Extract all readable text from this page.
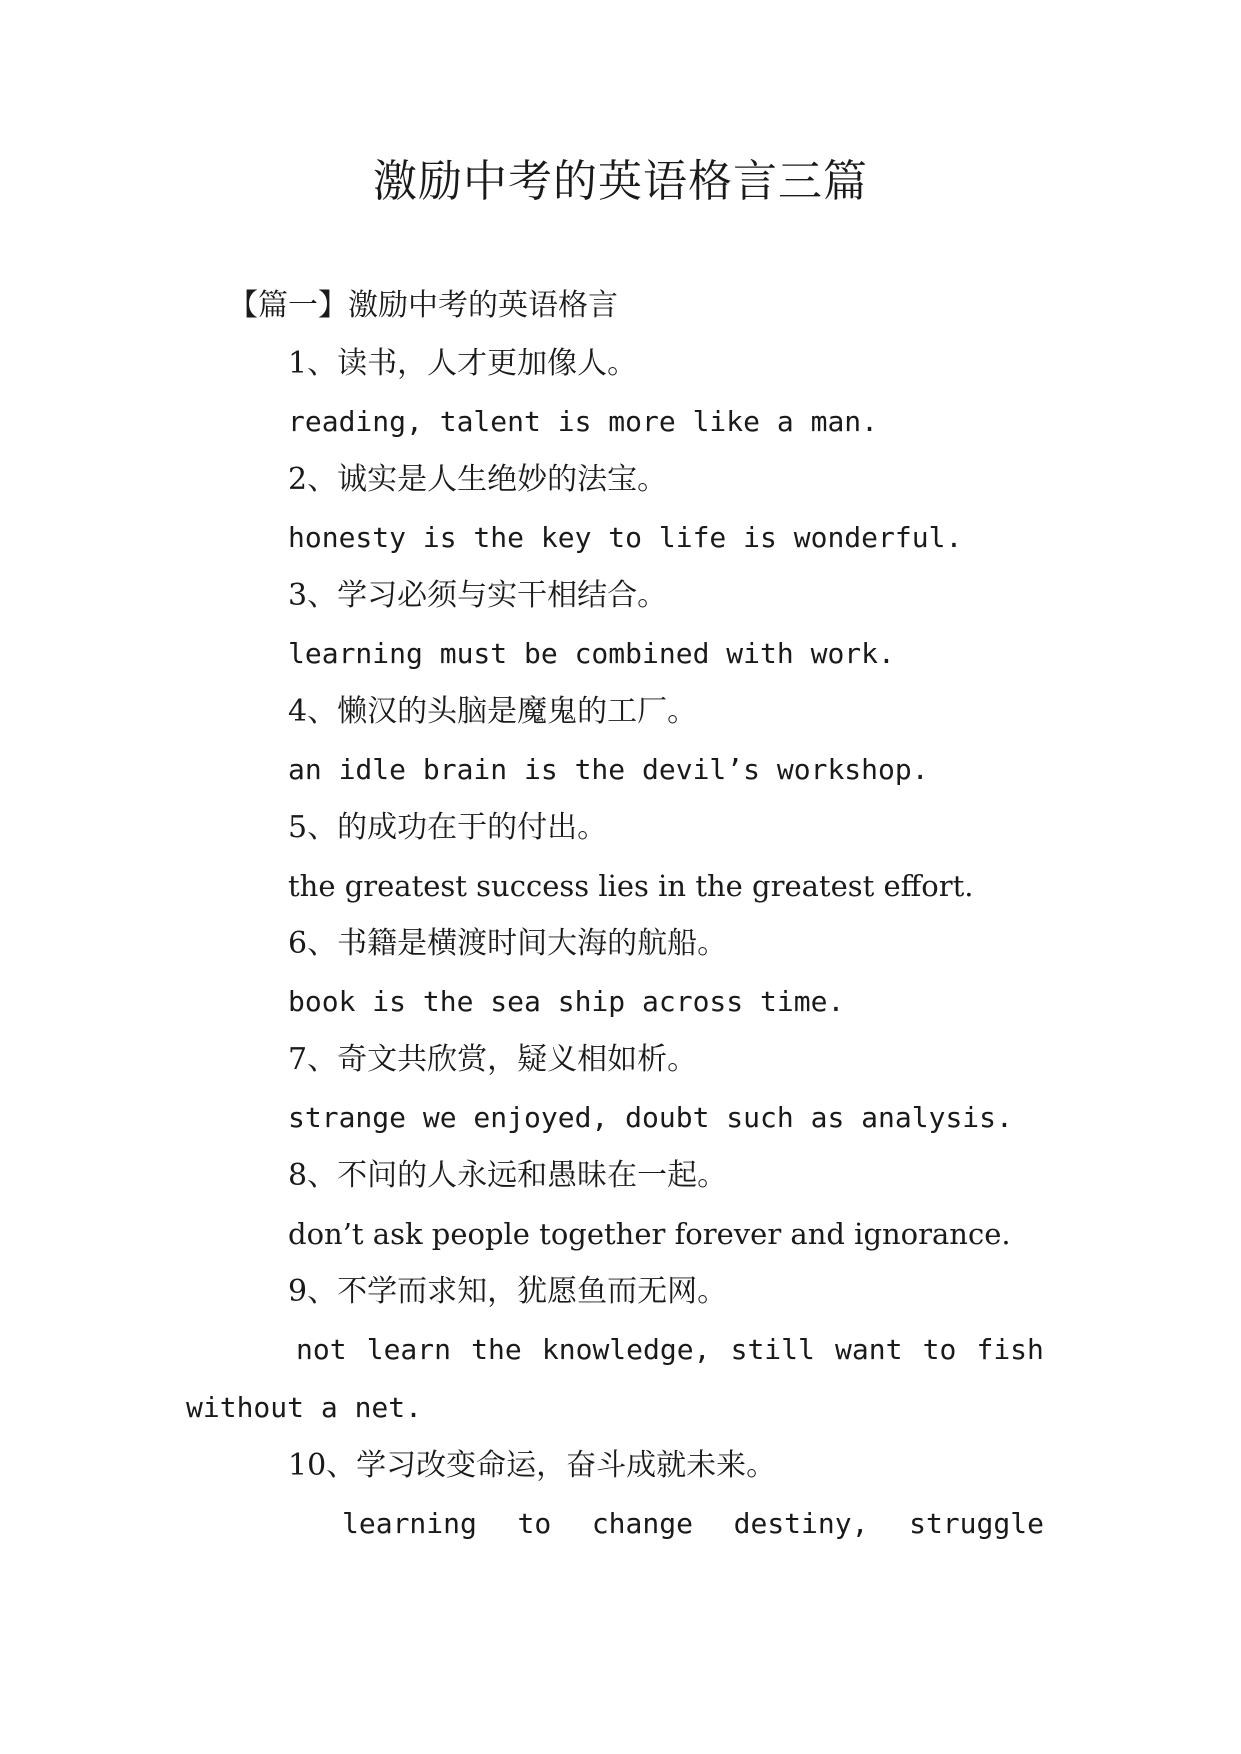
激励中考的英语格言三篇
【篇一】激励中考的英语格言

1、读书，人才更加像人。

reading, talent is more like a man.

2、诚实是人生绝妙的法宝。

honesty is the key to life is wonderful.

3、学习必须与实干相结合。

learning must be combined with work.

4、懒汉的头脑是魔鬼的工厂。

an idle brain is the devil’s workshop.

5、的成功在于的付出。

the greatest success lies in the greatest effort.

6、书籍是横渡时间大海的航船。

book is the sea ship across time.

7、奇文共欣赏，疑义相如析。

strange we enjoyed, doubt such as analysis.

8、不问的人永远和愚昧在一起。

don’t ask people together forever and ignorance.

9、不学而求知，犹愿鱼而无网。

not learn the knowledge, still want to fish

without a net.

10、学习改变命运，奋斗成就未来。

learning to change destiny, struggle
